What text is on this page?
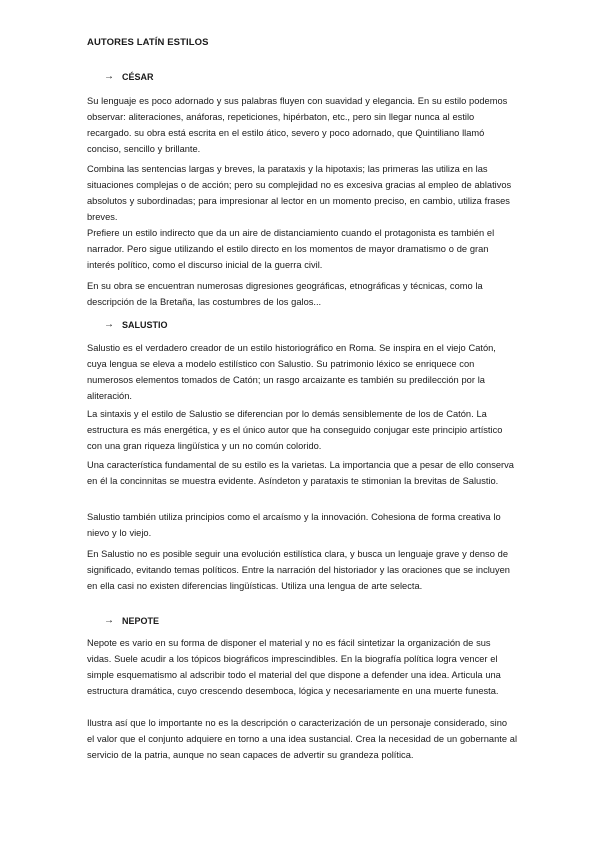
AUTORES LATÍN ESTILOS
→ CÉSAR

Su lenguaje es poco adornado y sus palabras fluyen con suavidad y elegancia. En su estilo podemos observar: aliteraciones, anáforas, repeticiones, hipérbaton, etc., pero sin llegar nunca al estilo recargado. su obra está escrita en el estilo ático, severo y poco adornado, que Quintiliano llamó conciso, sencillo y brillante.

Combina las sentencias largas y breves, la parataxis y la hipotaxis; las primeras las utiliza en las situaciones complejas o de acción; pero su complejidad no es excesiva gracias al empleo de ablativos absolutos y subordinadas; para impresionar al lector en un momento preciso, en cambio, utiliza frases breves.

Prefiere un estilo indirecto que da un aire de distanciamiento cuando el protagonista es también el narrador. Pero sigue utilizando el estilo directo en los momentos de mayor dramatismo o de gran interés político, como el discurso inicial de la guerra civil.

En su obra se encuentran numerosas digresiones geográficas, etnográficas y técnicas, como la descripción de la Bretaña, las costumbres de los galos...

→ SALUSTIO

Salustio es el verdadero creador de un estilo historiográfico en Roma. Se inspira en el viejo Catón, cuya lengua se eleva a modelo estilístico con Salustio. Su patrimonio léxico se enriquece con numerosos elementos tomados de Catón; un rasgo arcaizante es también su predilección por la aliteración.

La sintaxis y el estilo de Salustio se diferencian por lo demás sensiblemente de los de Catón. La estructura es más energética, y es el único autor que ha conseguido conjugar este principio artístico con una gran riqueza lingüística y un no común colorido.

Una característica fundamental de su estilo es la varietas. La importancia que a pesar de ello conserva en él la concinnitas se muestra evidente. Asíndeton y parataxis te stimonian la brevitas de Salustio.

Salustio también utiliza principios como el arcaísmo y la innovación. Cohesiona de forma creativa lo nievo y lo viejo.

En Salustio no es posible seguir una evolución estilística clara, y busca un lenguaje grave y denso de significado, evitando temas políticos. Entre la narración del historiador y las oraciones que se incluyen en ella casi no existen diferencias lingüísticas. Utiliza una lengua de arte selecta.

→ NEPOTE

Nepote es vario en su forma de disponer el material y no es fácil sintetizar la organización de sus vidas. Suele acudir a los tópicos biográficos imprescindibles. En la biografía política logra vencer el simple esquematismo al adscribir todo el material del que dispone a defender una idea. Articula una estructura dramática, cuyo crescendo desemboca, lógica y necesariamente en una muerte funesta.

Ilustra así que lo importante no es la descripción o caracterización de un personaje considerado, sino el valor que el conjunto adquiere en torno a una idea sustancial. Crea la necesidad de un gobernante al servicio de la patria, aunque no sean capaces de advertir su grandeza política.
